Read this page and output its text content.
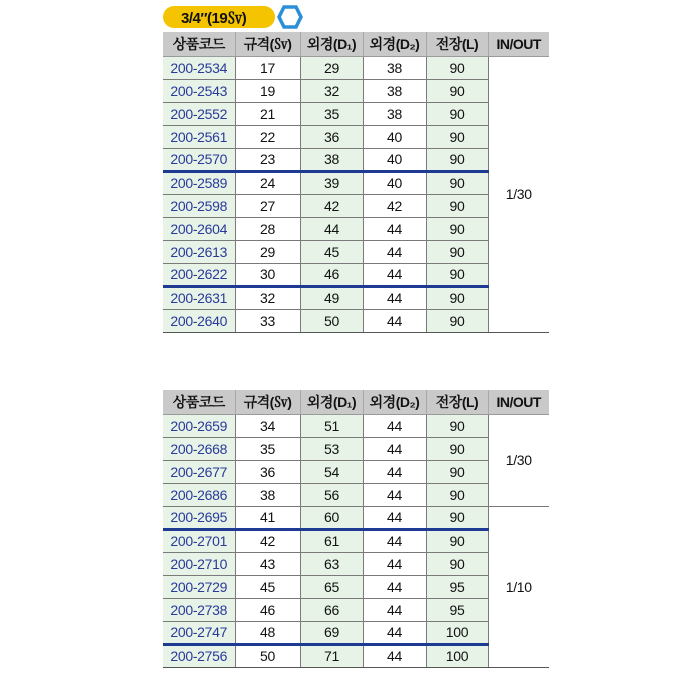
3/4″(19㏜)
상품코드	규격(㏜)	외경(D₁)	외경(D₂)	전장(L)	IN/OUT
200-2534	17	29	38	90	1/30
200-2543	19	32	38	90	
200-2552	21	35	38	90	
200-2561	22	36	40	90	
200-2570	23	38	40	90	
200-2589	24	39	40	90	
200-2598	27	42	42	90	
200-2604	28	44	44	90	
200-2613	29	45	44	90	
200-2622	30	46	44	90	
200-2631	32	49	44	90	
200-2640	33	50	44	90	
상품코드	규격(㏜)	외경(D₁)	외경(D₂)	전장(L)	IN/OUT
200-2659	34	51	44	90	1/30
200-2668	35	53	44	90	
200-2677	36	54	44	90	
200-2686	38	56	44	90	
200-2695	41	60	44	90	1/10
200-2701	42	61	44	90	
200-2710	43	63	44	90	
200-2729	45	65	44	95	
200-2738	46	66	44	95	
200-2747	48	69	44	100	
200-2756	50	71	44	100	
